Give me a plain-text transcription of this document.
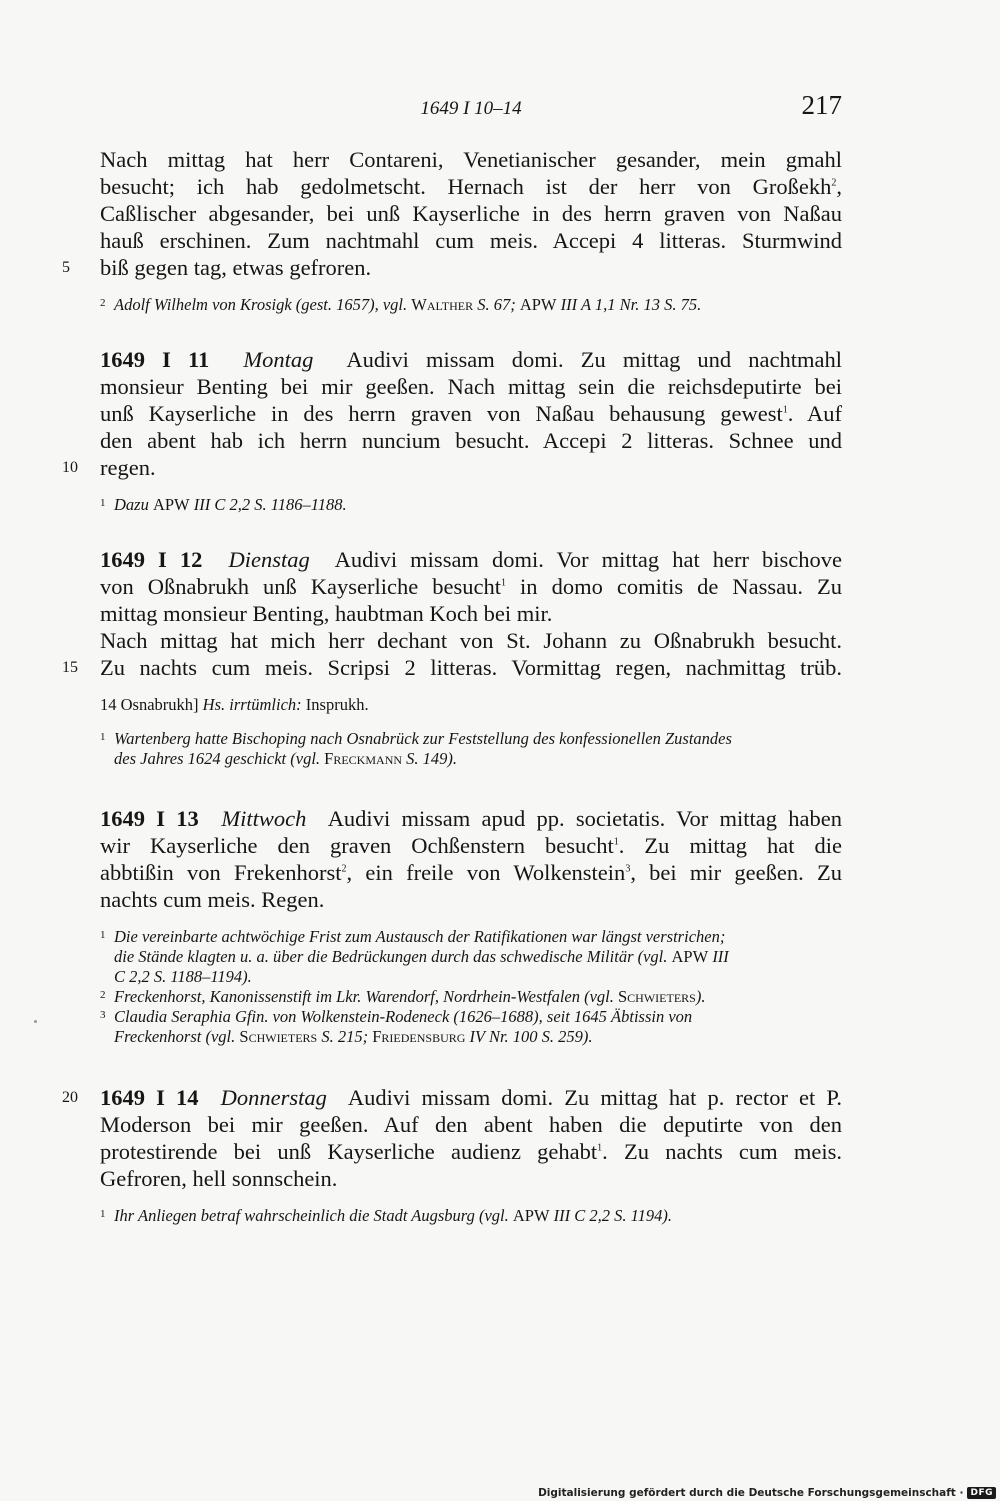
1649 I 10–14	217
Nach mittag hat herr Contareni, Venetianischer gesander, mein gmahl
besucht; ich hab gedolmetscht. Hernach ist der herr von Großekh$^2$,
Caßlischer abgesander, bei unß Kayserliche in des herrn graven von Naßau
hauß erschinen. Zum nachtmahl cum meis. Accepi 4 litteras. Sturmwind
5	biß gegen tag, etwas gefroren.
2 Adolf Wilhelm von Krosigk (gest. 1657), vgl. Walther S. 67; APW III A 1,1 Nr. 13 S. 75.
1649 I 11 Montag Audivi missam domi. Zu mittag und nachtmahl
monsieur Benting bei mir geeßen. Nach mittag sein die reichsdeputirte bei
unß Kayserliche in des herrn graven von Naßau behausung gewest$^1$. Auf
den abent hab ich herrn nuncium besucht. Accepi 2 litteras. Schnee und
10 regen.
1 Dazu APW III C 2,2 S. 1186–1188.
1649 I 12 Dienstag Audivi missam domi. Vor mittag hat herr bischove
von Oßnabrukh unß Kayserliche besucht$^1$ in domo comitis de Nassau. Zu
mittag monsieur Benting, haubtman Koch bei mir.
Nach mittag hat mich herr dechant von St. Johann zu Oßnabrukh besucht.
15 Zu nachts cum meis. Scripsi 2 litteras. Vormittag regen, nachmittag trüb.
14 Osnabrukh] Hs. irrtümlich: Insprukh.
1 Wartenberg hatte Bischoping nach Osnabrück zur Feststellung des konfessionellen Zustandes
des Jahres 1624 geschickt (vgl. Freckmann S. 149).
1649 I 13 Mittwoch Audivi missam apud pp. societatis. Vor mittag haben
wir Kayserliche den graven Ochßenstern besucht$^1$. Zu mittag hat die
abbtißin von Frekenhorst$^2$, ein freile von Wolkenstein$^3$, bei mir geeßen. Zu
nachts cum meis. Regen.
1 Die vereinbarte achtwöchige Frist zum Austausch der Ratifikationen war längst verstrichen;
die Stände klagten u. a. über die Bedrückungen durch das schwedische Militär (vgl. APW III
C 2,2 S. 1188–1194).
2 Freckenhorst, Kanonissenstift im Lkr. Warendorf, Nordrhein-Westfalen (vgl. Schwieters).
3 Claudia Seraphia Gfin. von Wolkenstein-Rodeneck (1626–1688), seit 1645 Äbtissin von
Freckenhorst (vgl. Schwieters S. 215; Friedensburg IV Nr. 100 S. 259).
20 1649 I 14 Donnerstag Audivi missam domi. Zu mittag hat p. rector et P.
Moderson bei mir geeßen. Auf den abent haben die deputirte von den
protestirende bei unß Kayserliche audienz gehabt$^1$. Zu nachts cum meis.
Gefroren, hell sonnschein.
1 Ihr Anliegen betraf wahrscheinlich die Stadt Augsburg (vgl. APW III C 2,2 S. 1194).
Digitalisierung gefördert durch die Deutsche Forschungsgemeinschaft · DFG
